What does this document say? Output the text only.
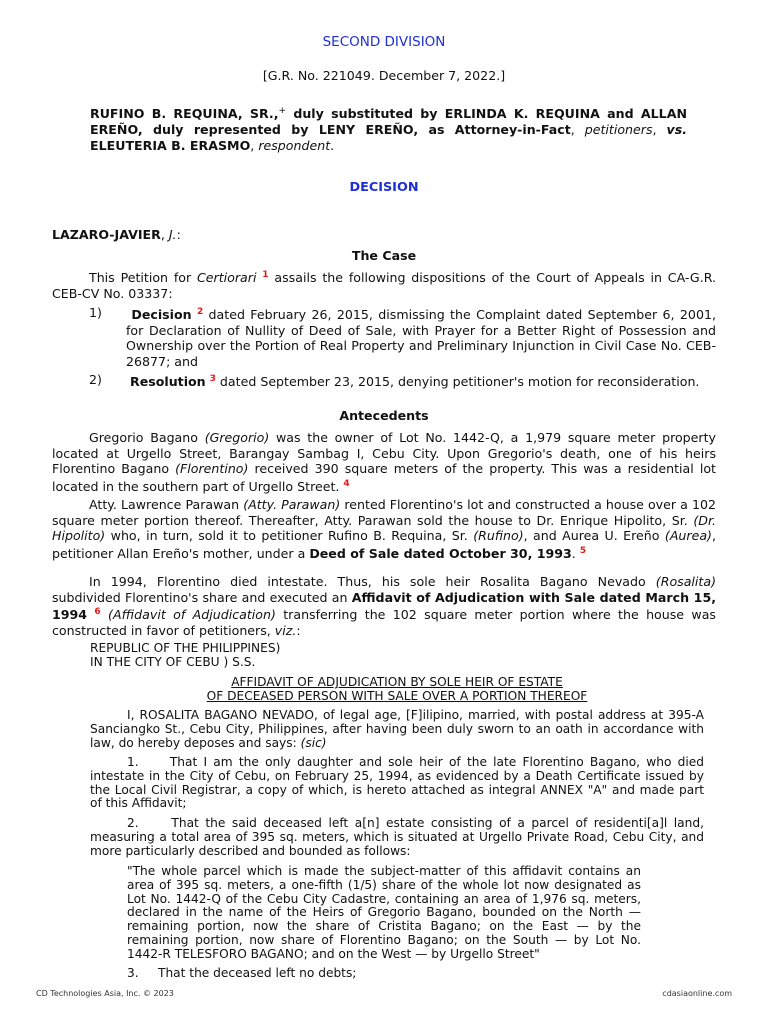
SECOND DIVISION
[G.R. No. 221049. December 7, 2022.]
RUFINO B. REQUINA, SR.,+ duly substituted by ERLINDA K. REQUINA and ALLAN EREÑO, duly represented by LENY EREÑO, as Attorney-in-Fact, petitioners, vs. ELEUTERIA B. ERASMO, respondent.
DECISION
LAZARO-JAVIER, J.:
The Case
This Petition for Certiorari $^1$ assails the following dispositions of the Court of Appeals in CA-G.R. CEB-CV No. 03337:
1)	Decision $^2$ dated February 26, 2015, dismissing the Complaint dated September 6, 2001, for Declaration of Nullity of Deed of Sale, with Prayer for a Better Right of Possession and Ownership over the Portion of Real Property and Preliminary Injunction in Civil Case No. CEB-26877; and
2)	Resolution $^3$ dated September 23, 2015, denying petitioner's motion for reconsideration.
Antecedents
Gregorio Bagano (Gregorio) was the owner of Lot No. 1442-Q, a 1,979 square meter property located at Urgello Street, Barangay Sambag I, Cebu City. Upon Gregorio's death, one of his heirs Florentino Bagano (Florentino) received 390 square meters of the property. This was a residential lot located in the southern part of Urgello Street. $^4$
Atty. Lawrence Parawan (Atty. Parawan) rented Florentino's lot and constructed a house over a 102 square meter portion thereof. Thereafter, Atty. Parawan sold the house to Dr. Enrique Hipolito, Sr. (Dr. Hipolito) who, in turn, sold it to petitioner Rufino B. Requina, Sr. (Rufino), and Aurea U. Ereño (Aurea), petitioner Allan Ereño's mother, under a Deed of Sale dated October 30, 1993. $^5$
In 1994, Florentino died intestate. Thus, his sole heir Rosalita Bagano Nevado (Rosalita) subdivided Florentino's share and executed an Affidavit of Adjudication with Sale dated March 15, 1994 $^6$ (Affidavit of Adjudication) transferring the 102 square meter portion where the house was constructed in favor of petitioners, viz.:
REPUBLIC OF THE PHILIPPINES)
IN THE CITY OF CEBU ) S.S.
AFFIDAVIT OF ADJUDICATION BY SOLE HEIR OF ESTATE
OF DECEASED PERSON WITH SALE OVER A PORTION THEREOF
I, ROSALITA BAGANO NEVADO, of legal age, [F]ilipino, married, with postal address at 395-A Sanciangko St., Cebu City, Philippines, after having been duly sworn to an oath in accordance with law, do hereby deposes and says: (sic)
1.	That I am the only daughter and sole heir of the late Florentino Bagano, who died intestate in the City of Cebu, on February 25, 1994, as evidenced by a Death Certificate issued by the Local Civil Registrar, a copy of which, is hereto attached as integral ANNEX "A" and made part of this Affidavit;
2.	That the said deceased left a[n] estate consisting of a parcel of residenti[a]l land, measuring a total area of 395 sq. meters, which is situated at Urgello Private Road, Cebu City, and more particularly described and bounded as follows:
"The whole parcel which is made the subject-matter of this affidavit contains an area of 395 sq. meters, a one-fifth (1/5) share of the whole lot now designated as Lot No. 1442-Q of the Cebu City Cadastre, containing an area of 1,976 sq. meters, declared in the name of the Heirs of Gregorio Bagano, bounded on the North — remaining portion, now the share of Cristita Bagano; on the East — by the remaining portion, now share of Florentino Bagano; on the South — by Lot No. 1442-R TELESFORO BAGANO; and on the West — by Urgello Street"
3. That the deceased left no debts;
CD Technologies Asia, Inc. © 2023	cdasiaonline.com
